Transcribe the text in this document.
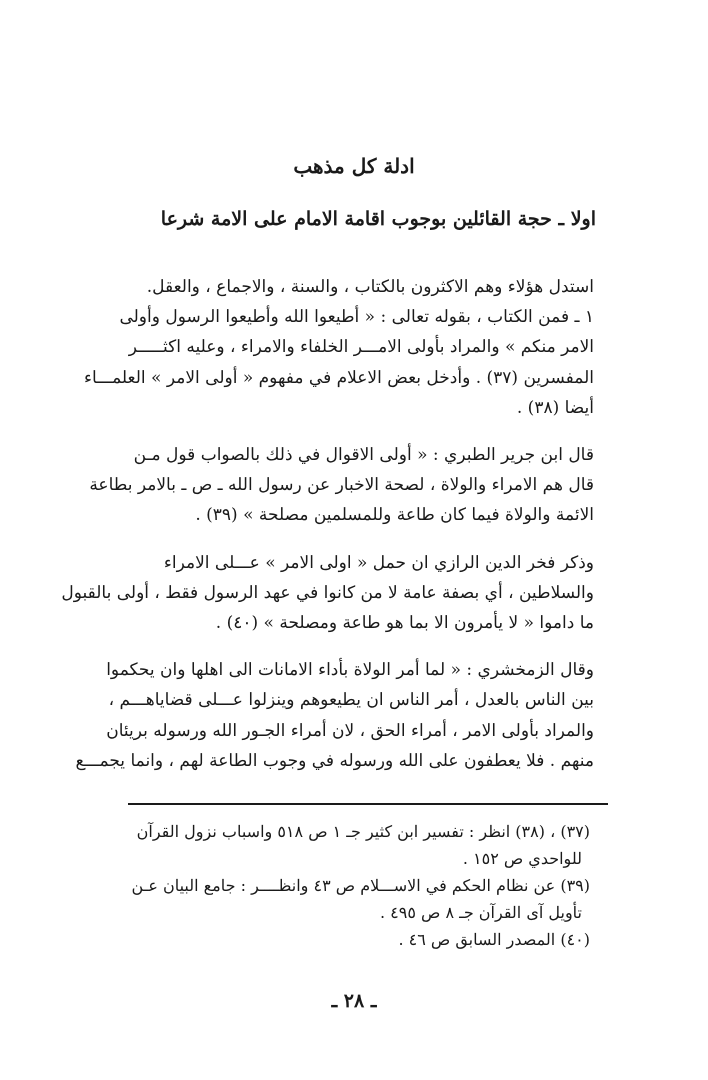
ادلة كل مذهب
اولا ـ حجة القائلين بوجوب اقامة الامام على الامة شرعا

استدل هؤلاء وهم الاكثرون بالكتاب ، والسنة ، والاجماع ، والعقل.
١ ـ فمن الكتاب ، بقوله تعالى : « أطيعوا الله وأطيعوا الرسول وأولى
الامر منكم » والمراد بأولى الامـــر الخلفاء والامراء ، وعليه اكثـــــر
المفسرين (٣٧) . وأدخل بعض الاعلام في مفهوم « أولى الامر » العلمـــاء
أيضا (٣٨) .

قال ابن جرير الطبري : « أولى الاقوال في ذلك بالصواب قول مـن
قال هم الامراء والولاة ، لصحة الاخبار عن رسول الله ـ ص ـ بالامر بطاعة
الائمة والولاة فيما كان طاعة وللمسلمين مصلحة » (٣٩) .

وذكر فخر الدين الرازي ان حمل « اولى الامر » عـــلى الامراء
والسلاطين ، أي بصفة عامة لا من كانوا في عهد الرسول فقط ، أولى بالقبول
ما داموا « لا يأمرون الا بما هو طاعة ومصلحة » (٤٠) .

وقال الزمخشري : « لما أمر الولاة بأداء الامانات الى اهلها وان يحكموا
بين الناس بالعدل ، أمر الناس ان يطيعوهم وينزلوا عـــلى قضاياهـــم ،
والمراد بأولى الامر ، أمراء الحق ، لان أمراء الجـور الله ورسوله بريئان
منهم . فلا يعطفون على الله ورسوله في وجوب الطاعة لهم ، وانما يجمـــع

(٣٧) ، (٣٨) انظر : تفسير ابن كثير جـ ١ ص ٥١٨ واسباب نزول القرآن
للواحدي ص ١٥٢ .
(٣٩) عن نظام الحكم في الاســـلام ص ٤٣ وانظــــر : جامع البيان عـن
تأويل آى القرآن جـ ٨ ص ٤٩٥ .
(٤٠) المصدر السابق ص ٤٦ .
ـ ٢٨ ـ
